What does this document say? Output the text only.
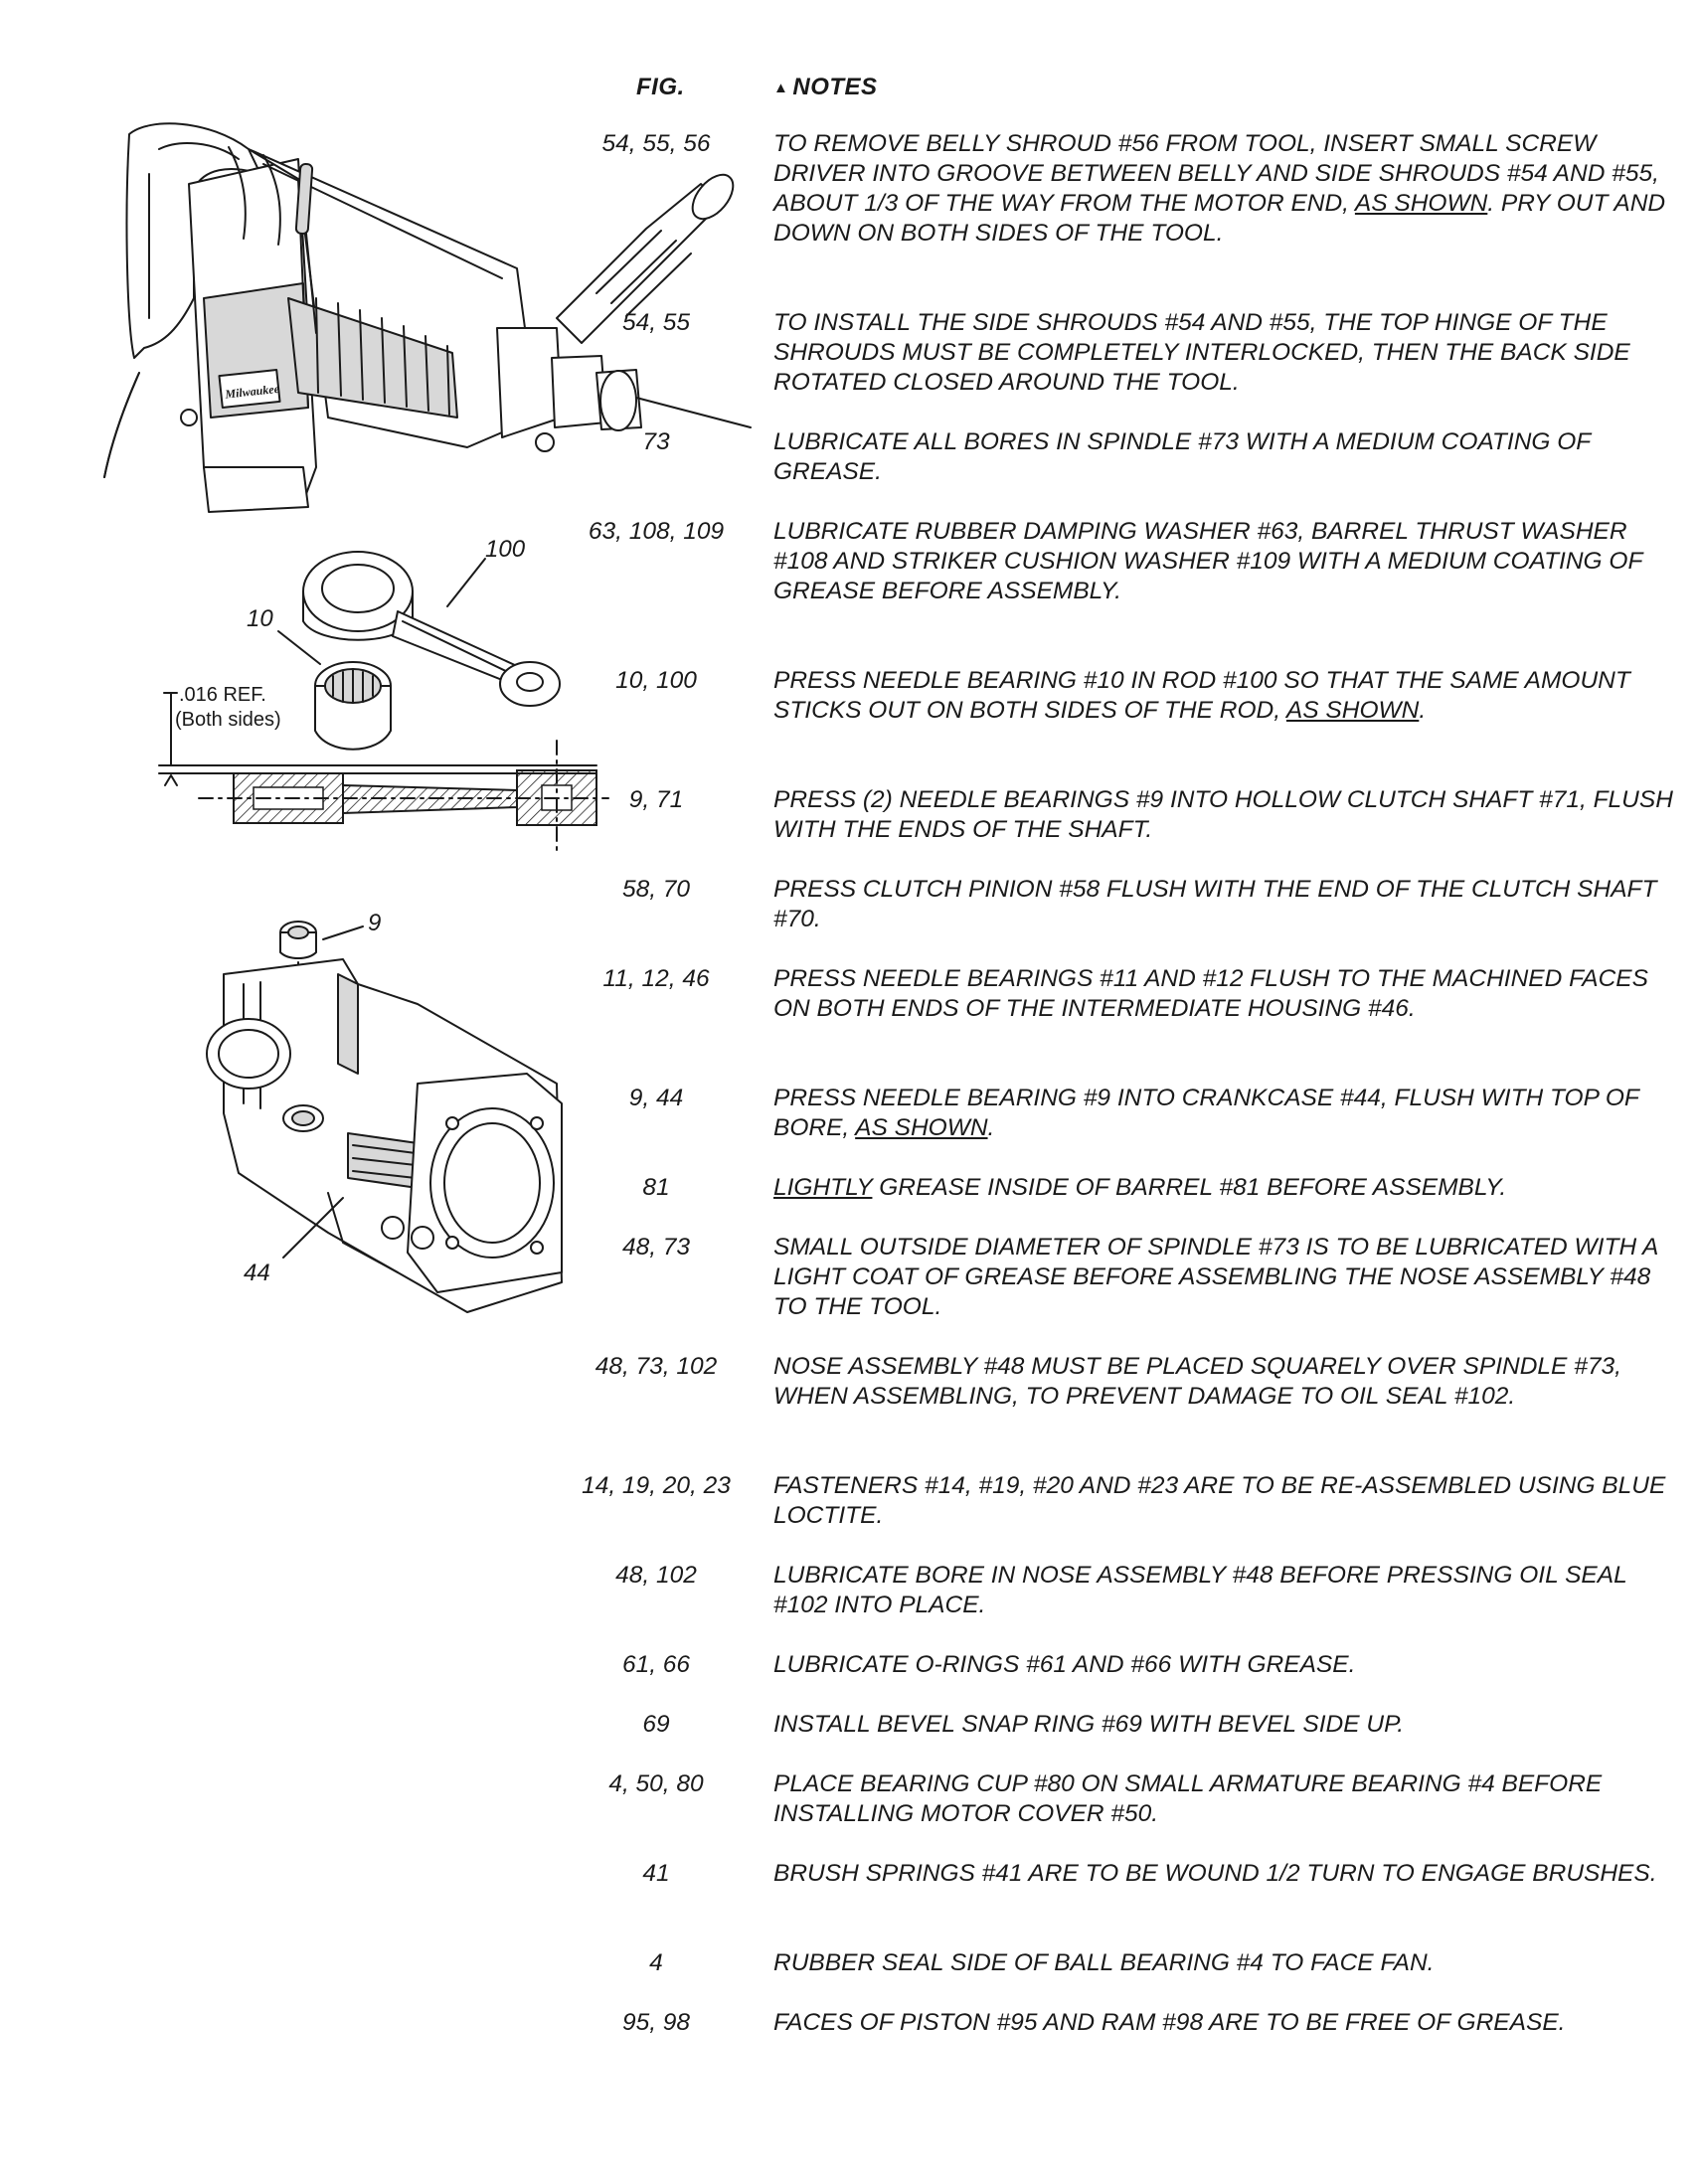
FIG.	▲ NOTES
Milwaukee
10
100
.016 REF.
(Both sides)
9
44
54, 55, 56	TO REMOVE BELLY SHROUD #56 FROM TOOL, INSERT SMALL SCREW DRIVER INTO GROOVE BETWEEN BELLY AND SIDE SHROUDS #54 AND #55, ABOUT 1/3 OF THE WAY FROM THE MOTOR END, AS SHOWN. PRY OUT AND DOWN ON BOTH SIDES OF THE TOOL.
54, 55	TO INSTALL THE SIDE SHROUDS #54 AND #55, THE TOP HINGE OF THE SHROUDS MUST BE COMPLETELY INTERLOCKED, THEN THE BACK SIDE ROTATED CLOSED AROUND THE TOOL.
73	LUBRICATE ALL BORES IN SPINDLE #73 WITH A MEDIUM COATING OF GREASE.
63, 108, 109	LUBRICATE RUBBER DAMPING WASHER #63, BARREL THRUST WASHER #108 AND STRIKER CUSHION WASHER #109 WITH A MEDIUM COATING OF GREASE BEFORE ASSEMBLY.
10, 100	PRESS NEEDLE BEARING #10 IN ROD #100 SO THAT THE SAME AMOUNT STICKS OUT ON BOTH SIDES OF THE ROD, AS SHOWN.
9, 71	PRESS (2) NEEDLE BEARINGS #9 INTO HOLLOW CLUTCH SHAFT #71, FLUSH WITH THE ENDS OF THE SHAFT.
58, 70	PRESS CLUTCH PINION #58 FLUSH WITH THE END OF THE CLUTCH SHAFT #70.
11, 12, 46	PRESS NEEDLE BEARINGS #11 AND #12 FLUSH TO THE MACHINED FACES ON BOTH ENDS OF THE INTERMEDIATE HOUSING #46.
9, 44	PRESS NEEDLE BEARING #9 INTO CRANKCASE #44, FLUSH WITH TOP OF BORE, AS SHOWN.
81	LIGHTLY GREASE INSIDE OF BARREL #81 BEFORE ASSEMBLY.
48, 73	SMALL OUTSIDE DIAMETER OF SPINDLE #73 IS TO BE LUBRICATED WITH A LIGHT COAT OF GREASE BEFORE ASSEMBLING THE NOSE ASSEMBLY #48 TO THE TOOL.
48, 73, 102	NOSE ASSEMBLY #48 MUST BE PLACED SQUARELY OVER SPINDLE #73, WHEN ASSEMBLING, TO PREVENT DAMAGE TO OIL SEAL #102.
14, 19, 20, 23	FASTENERS #14, #19, #20 AND #23 ARE TO BE RE-ASSEMBLED USING BLUE LOCTITE.
48, 102	LUBRICATE BORE IN NOSE ASSEMBLY #48 BEFORE PRESSING OIL SEAL #102 INTO PLACE.
61, 66	LUBRICATE O-RINGS #61 AND #66 WITH GREASE.
69	INSTALL BEVEL SNAP RING #69 WITH BEVEL SIDE UP.
4, 50, 80	PLACE BEARING CUP #80 ON SMALL ARMATURE BEARING #4 BEFORE INSTALLING MOTOR COVER #50.
41	BRUSH SPRINGS #41 ARE TO BE WOUND 1/2 TURN TO ENGAGE BRUSHES.
4	RUBBER SEAL SIDE OF BALL BEARING #4 TO FACE FAN.
95, 98	FACES OF PISTON #95 AND RAM #98 ARE TO BE FREE OF GREASE.
